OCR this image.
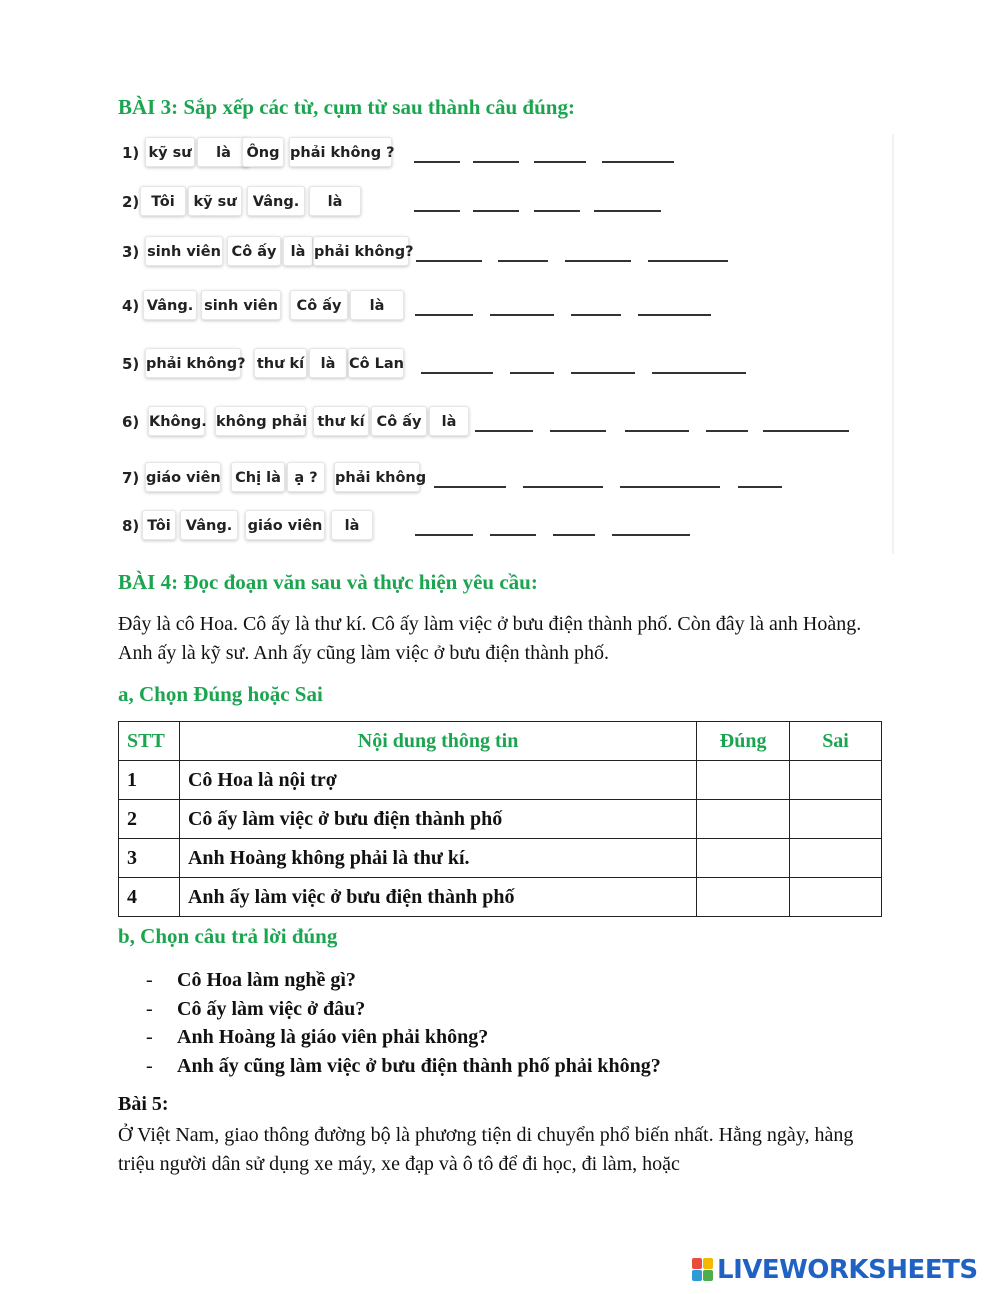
BÀI 3: Sắp xếp các từ, cụm từ sau thành câu đúng:
1) kỹ sư	là	Ông phải không ?
2) Tôi	kỹ sư	Vâng.	là
3) sinh viên Cô ấy là phải không?
4) Vâng. sinh viên	Cô ấy	là
5) phải không? thư kí	là Cô Lan
6) Không. không phải thư kí Cô ấy	là
7) giáo viên Chị là ạ ?	phải không
8) Tôi	Vâng.	giáo viên	là
BÀI 4: Đọc đoạn văn sau và thực hiện yêu cầu:
Đây là cô Hoa. Cô ấy là thư kí. Cô ấy làm việc ở bưu điện thành phố. Còn đây là anh Hoàng. Anh ấy là kỹ sư. Anh ấy cũng làm việc ở bưu điện thành phố.
a, Chọn Đúng hoặc Sai
STT	Nội dung thông tin	Đúng	Sai
1	Cô Hoa là nội trợ		
2	Cô ấy làm việc ở bưu điện thành phố		
3	Anh Hoàng không phải là thư kí.		
4	Anh ấy làm việc ở bưu điện thành phố		
b, Chọn câu trả lời đúng
- Cô Hoa làm nghề gì?
- Cô ấy làm việc ở đâu?
- Anh Hoàng là giáo viên phải không?
- Anh ấy cũng làm việc ở bưu điện thành phố phải không?
Bài 5:
Ở Việt Nam, giao thông đường bộ là phương tiện di chuyển phổ biến nhất. Hằng ngày, hàng triệu người dân sử dụng xe máy, xe đạp và ô tô để đi học, đi làm, hoặc
LIVEWORKSHEETS
